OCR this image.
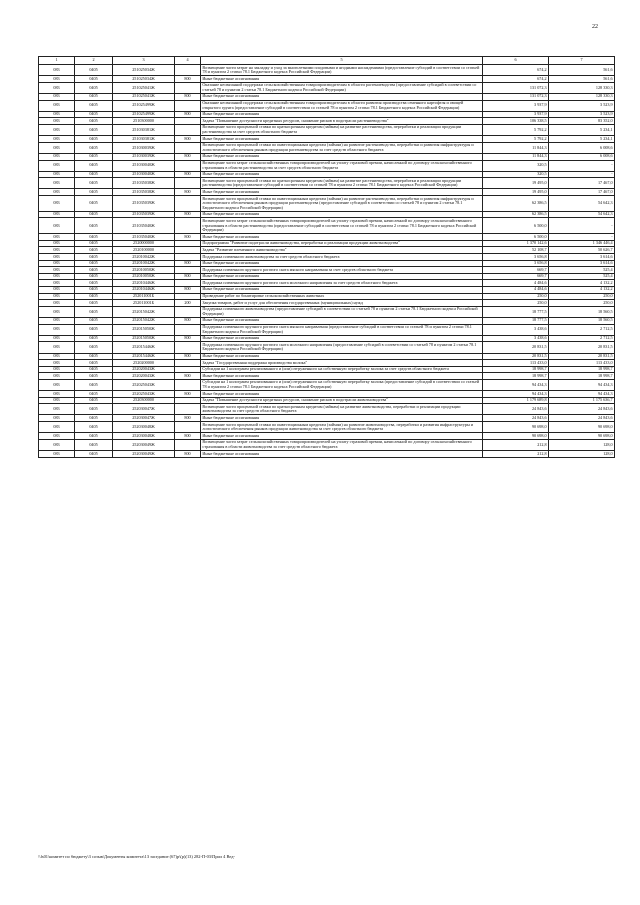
22
1	2	3	4	5	6	7
083	0405	251025034Ж		Возмещение части затрат на закладку и уход за многолетними плодовыми и ягодными насаждениями (предоставление субсидий в соответствии со статьей 78 и пунктом 2 статьи 78.1 Бюджетного кодекса Российской Федерации)	674,2	561,6
083	0405	251025034Ж	800	Иные бюджетные ассигнования	674,2	561,6
083	0405	251025041Ж		Оказание несвязанной поддержки сельскохозяйственным товаропроизводителям в области растениеводства (предоставление субсидий в соответствии со статьей 78 и пунктом 2 статьи 78.1 Бюджетного кодекса Российской Федерации)	131 072,3	128 330,3
083	0405	251025041Ж	800	Иные бюджетные ассигнования	131 072,3	128 330,3
083	0405	251025499Ж		Оказание несвязанной поддержки сельскохозяйственным товаропроизводителям в области развития производства семенного картофеля и овощей открытого грунта (предоставление субсидий в соответствии со статьей 78 и пунктом 2 статьи 78.1 Бюджетного кодекса Российской Федерации)	3 937,9	3 523,9
083	0405	251025499Ж	800	Иные бюджетные ассигнования	3 937,9	3 523,9
083	0405	2510300000		Задача "Повышение доступности кредитных ресурсов, снижение рисков в подотрасли растениеводства"	106 338,5	83 352,0
083	0405	251030381Ж		Возмещение части процентной ставки по краткосрочным кредитам (займам) на развитие растениеводства, переработки и реализации продукции растениеводства за счет средств областного бюджета	5 792,2	5 234,1
083	0405	251030381Ж	800	Иные бюджетные ассигнования	5 792,2	5 234,1
083	0405	251030039Ж		Возмещение части процентной ставки по инвестиционным кредитам (займам) на развитие растениеводства, переработки и развития инфраструктуры и логистического обеспечения рынков продукции растениеводства за счет средств областного бюджета	11 844,3	6 008,6
083	0405	251030039Ж	800	Иные бюджетные ассигнования	11 844,3	6 008,6
083	0405	251030040Ж		Возмещение части затрат сельскохозяйственных товаропроизводителей на уплату страховой премии, начисленной по договору сельскохозяйственного страхования в области растениеводства за счет средств областного бюджета	320,5	-
083	0405	251030040Ж	800	Иные бюджетные ассигнования	320,5	-
083	0405	251035038Ж		Возмещение части процентной ставки по краткосрочным кредитам (займам) на развитие растениеводства, переработки и реализации продукции растениеводства (предоставление субсидий в соответствии со статьей 78 и пунктом 2 статьи 78.1 Бюджетного кодекса Российской Федерации)	19 495,0	17 467,0
083	0405	251035038Ж	800	Иные бюджетные ассигнования	19 495,0	17 467,0
083	0405	251035039Ж		Возмещение части процентной ставки по инвестиционным кредитам (займам) на развитие растениеводства, переработки и развития инфраструктуры и логистического обеспечения рынков продукции растениеводства (предоставление субсидий в соответствии со статьей 78 и пунктом 2 статьи 78.1 Бюджетного кодекса Российской Федерации)	62 386,5	54 642,3
083	0405	251035039Ж	800	Иные бюджетные ассигнования	62 386,5	54 642,3
083	0405	251035040Ж		Возмещение части затрат сельскохозяйственных товаропроизводителей на уплату страховой премии, начисленной по договору сельскохозяйственного страхования в области растениеводства (предоставление субсидий в соответствии со статьей 78 и пунктом 2 статьи 78.1 Бюджетного кодекса Российской Федерации)	6 500,0	-
083	0405	251035040Ж	800	Иные бюджетные ассигнования	6 500,0	-
083	0405	2520000000		Подпрограмма "Развитие подотрасли животноводства, переработки и реализации продукции животноводства"	1 370 142,6	1 346 446,4
083	0405	2520100000		Задача "Развитие племенного животноводства"	52 108,7	50 626,7
083	0405	252010042Ж		Поддержка племенного животноводства за счет средств областного бюджета	3 656,8	3 614,6
083	0405	252010042Ж	800	Иные бюджетные ассигнования	3 656,8	3 614,6
083	0405	252010050Ж		Поддержка племенного крупного рогатого скота мясного направления за счет средств областного бюджета	669,7	525,4
083	0405	252010050Ж	800	Иные бюджетные ассигнования	669,7	525,4
083	0405	252010446Ж		Поддержка племенного крупного рогатого скота молочного направления за счет средств областного бюджета	4 484,6	4 132,2
083	0405	252010446Ж	800	Иные бюджетные ассигнования	4 484,6	4 132,2
083	0405	252011001Б		Проведение работ по бонитировке сельскохозяйственных животных	250,0	250,0
083	0405	252011001Б	200	Закупка товаров, работ и услуг для обеспечения государственных (муниципальных) нужд	250,0	250,0
083	0405	252015042Ж		Поддержка племенного животноводства (предоставление субсидий в соответствии со статьей 78 и пунктом 2 статьи 78.1 Бюджетного кодекса Российской Федерации)	18 777,5	18 560,5
083	0405	252015042Ж	800	Иные бюджетные ассигнования	18 777,5	18 560,5
083	0405	252015050Ж		Поддержка племенного крупного рогатого скота мясного направления (предоставление субсидий в соответствии со статьей 78 и пунктом 2 статьи 78.1 Бюджетного кодекса Российской Федерации)	3 438,6	2 712,5
083	0405	252015050Ж	800	Иные бюджетные ассигнования	3 438,6	2 712,5
083	0405	252015446Ж		Поддержка племенного крупного рогатого скота молочного направления (предоставление субсидий в соответствии со статьей 78 и пунктом 2 статьи 78.1 Бюджетного кодекса Российской Федерации)	20 831,5	20 831,5
083	0405	252015446Ж	800	Иные бюджетные ассигнования	20 831,5	20 831,5
083	0405	2520200000		Задача "Государственная поддержка производства молока"	113 433,0	113 433,0
083	0405	252020043Ж		Субсидии на 1 килограмм реализованного и (или) отгруженного на собственную переработку молока за счет средств областного бюджета	18 998,7	18 998,7
083	0405	252020043Ж	800	Иные бюджетные ассигнования	18 998,7	18 998,7
083	0405	252025043Ж		Субсидии на 1 килограмм реализованного и (или) отгруженного на собственную переработку молока (предоставление субсидий в соответствии со статьей 78 и пунктом 2 статьи 78.1 Бюджетного кодекса Российской Федерации)	94 434,3	94 434,3
083	0405	252025043Ж	800	Иные бюджетные ассигнования	94 434,3	94 434,3
083	0405	2520300000		Задача "Повышение доступности кредитных ресурсов, снижение рисков в подотрасли животноводства"	1 179 689,8	1 175 636,7
083	0405	252030047Ж		Возмещение части процентной ставки по краткосрочным кредитам (займам) на развитие животноводства, переработки и реализации продукции животноводства за счет средств областного бюджета	24 843,6	24 843,6
083	0405	252030047Ж	800	Иные бюджетные ассигнования	24 843,6	24 843,6
083	0405	252030048Ж		Возмещение части процентной ставки по инвестиционным кредитам (займам) на развитие животноводства, переработки и развития инфраструктуры и логистического обеспечения рынков продукции животноводства за счет средств областного бюджета	90 698,0	90 698,0
083	0405	252030048Ж	800	Иные бюджетные ассигнования	90 698,0	90 698,0
083	0405	252030049Ж		Возмещение части затрат сельскохозяйственных товаропроизводителей на уплату страховой премии, начисленной по договору сельскохозяйственного страхования в области животноводства за счет средств областного бюджета	212,8	128,0
083	0405	252030049Ж	800	Иные бюджетные ассигнования	212,8	128,0
\\fs01\комитет по бюджету\3 созыв\Документы комитета\13 заседание (67)р\(р)(13) 282-П-03\Прил 4 Вед-
